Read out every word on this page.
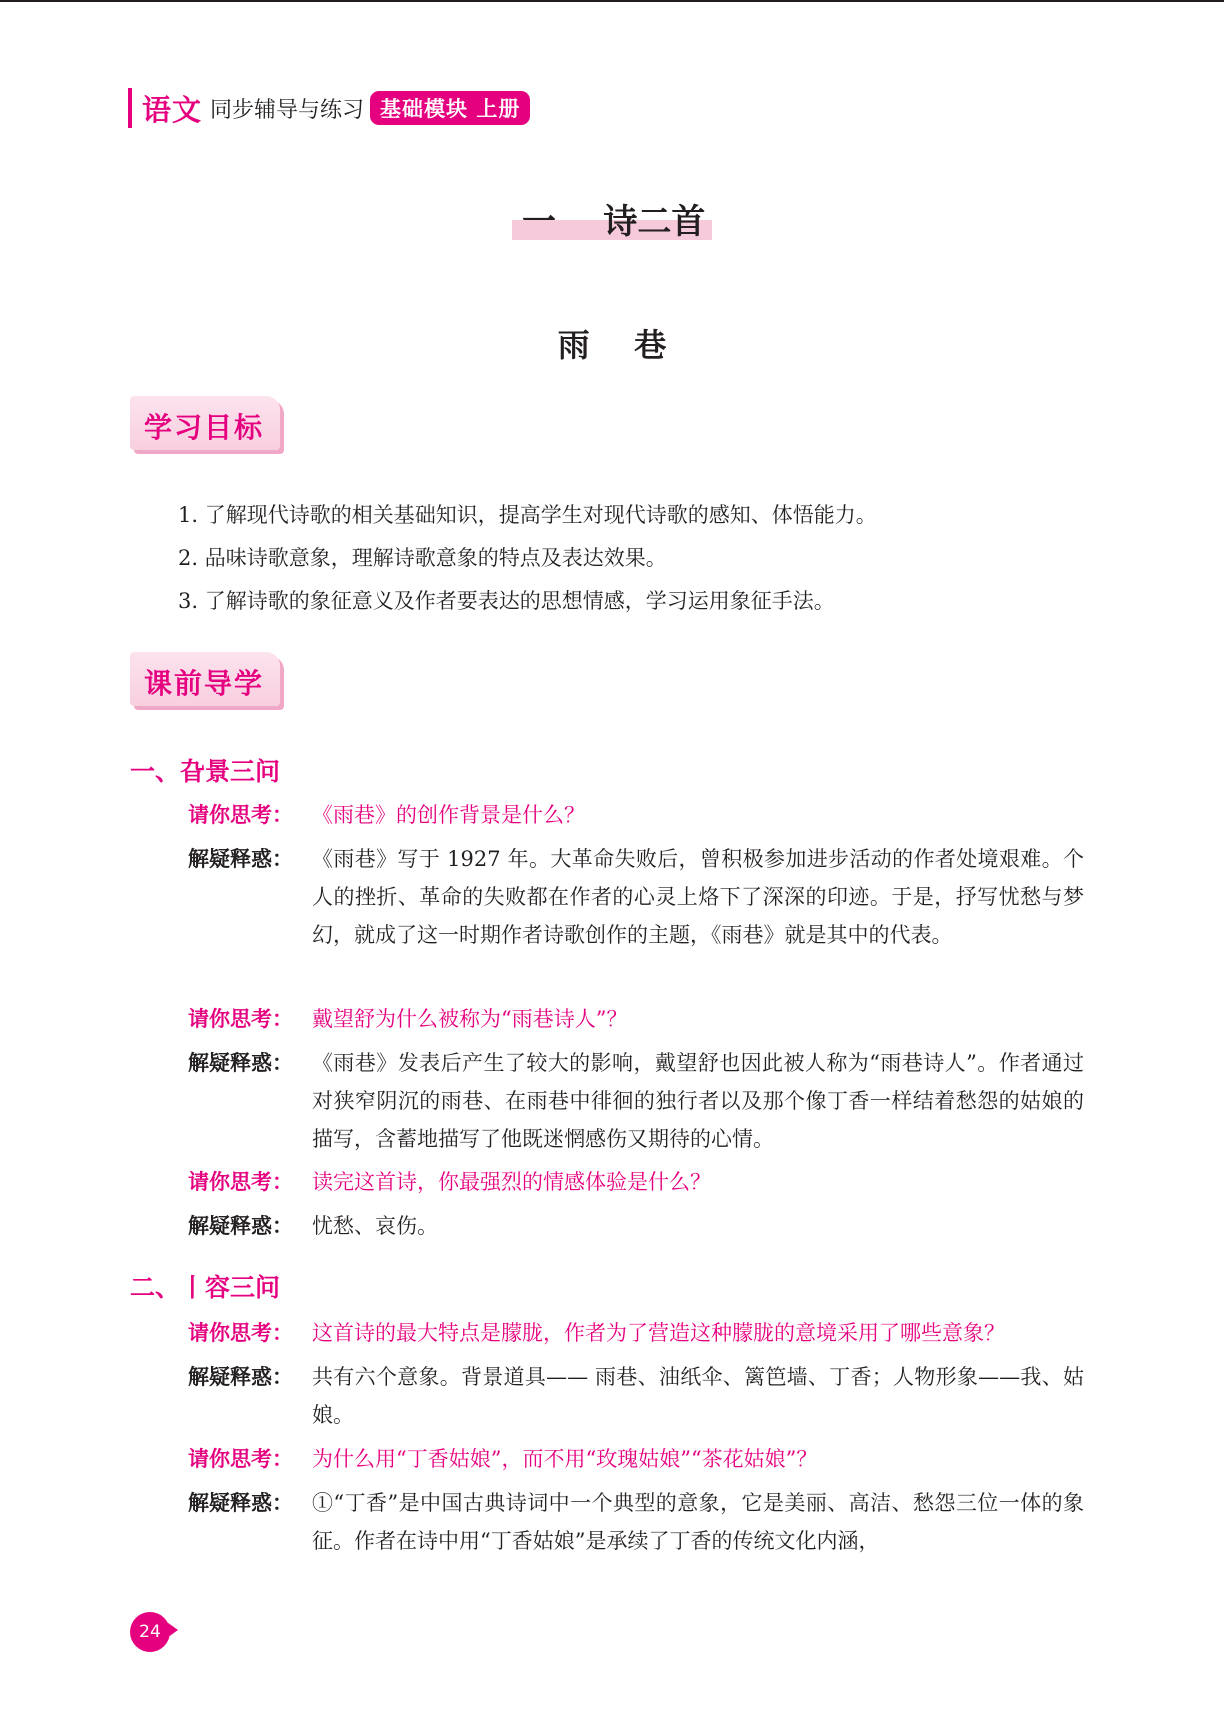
语文 同步辅导与练习 基础模块 上册
一    诗二首
雨    巷
学习目标
1. 了解现代诗歌的相关基础知识，提高学生对现代诗歌的感知、体悟能力。
2. 品味诗歌意象，理解诗歌意象的特点及表达效果。
3. 了解诗歌的象征意义及作者要表达的思想情感，学习运用象征手法。
课前导学
一、旮景三问
请你思考： 《雨巷》的创作背景是什么？
解疑释惑： 《雨巷》写于 1927 年。大革命失败后，曾积极参加进步活动的作者处境艰难。个人的挫折、革命的失败都在作者的心灵上烙下了深深的印迹。于是，抒写忧愁与梦幻，就成了这一时期作者诗歌创作的主题，《雨巷》就是其中的代表。
请你思考： 戴望舒为什么被称为“雨巷诗人”？
解疑释惑： 《雨巷》发表后产生了较大的影响，戴望舒也因此被人称为“雨巷诗人”。作者通过对狭窄阴沉的雨巷、在雨巷中徘徊的独行者以及那个像丁香一样结着愁怨的姑娘的描写，含蓄地描写了他既迷惘感伤又期待的心情。
请你思考： 读完这首诗，你最强烈的情感体验是什么？
解疑释惑： 忧愁、哀伤。
二、丨容三问
请你思考： 这首诗的最大特点是朦胧，作者为了营造这种朦胧的意境采用了哪些意象？
解疑释惑： 共有六个意象。背景道具—— 雨巷、油纸伞、篱笆墙、丁香；人物形象——我、姑娘。
请你思考： 为什么用“丁香姑娘”，而不用“玫瑰姑娘”“茶花姑娘”？
解疑释惑： ①“丁香”是中国古典诗词中一个典型的意象，它是美丽、高洁、愁怨三位一体的象征。作者在诗中用“丁香姑娘”是承续了丁香的传统文化内涵，
24
